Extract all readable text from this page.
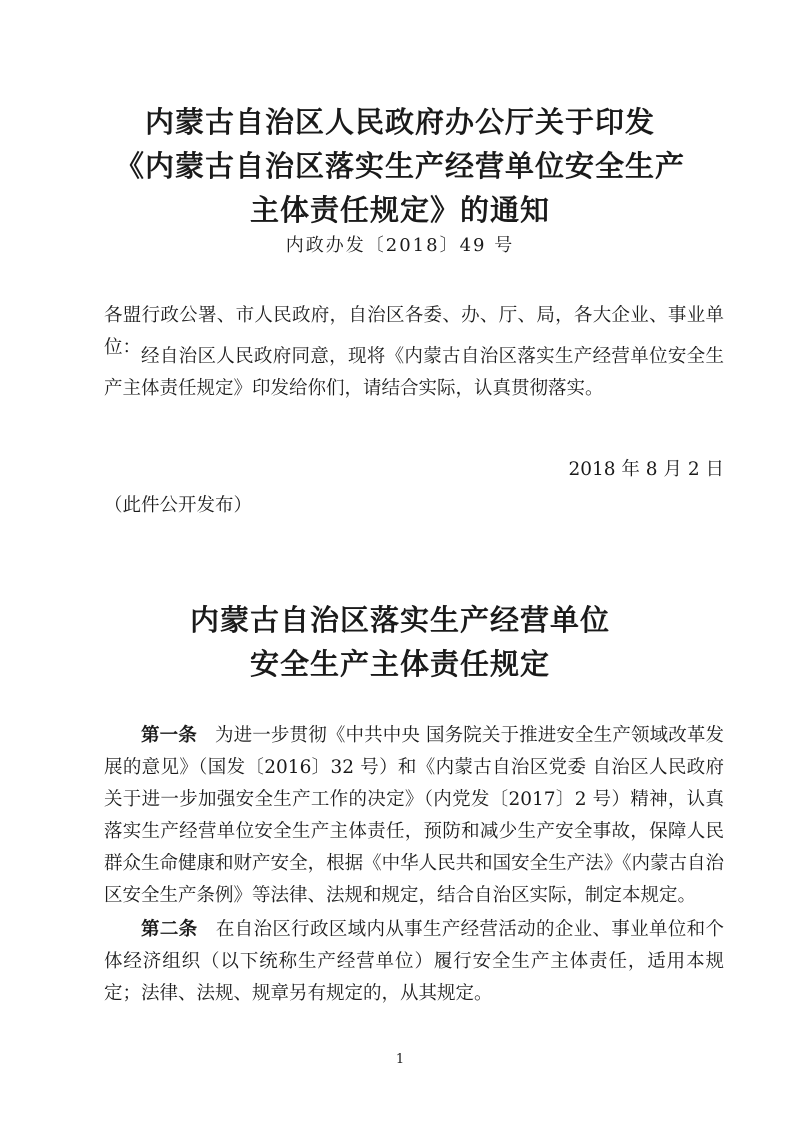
内蒙古自治区人民政府办公厅关于印发
《内蒙古自治区落实生产经营单位安全生产
主体责任规定》的通知
内政办发〔2018〕49 号
各盟行政公署、市人民政府，自治区各委、办、厅、局，各大企业、事业单位： 经自治区人民政府同意，现将《内蒙古自治区落实生产经营单位安全生产主体责任规定》印发给你们，请结合实际，认真贯彻落实。
2018 年 8 月 2 日
（此件公开发布）
内蒙古自治区落实生产经营单位
安全生产主体责任规定
第一条 为进一步贯彻《中共中央 国务院关于推进安全生产领域改革发展的意见》（国发〔2016〕32 号）和《内蒙古自治区党委 自治区人民政府关于进一步加强安全生产工作的决定》（内党发〔2017〕2 号）精神，认真落实生产经营单位安全生产主体责任，预防和减少生产安全事故，保障人民群众生命健康和财产安全，根据《中华人民共和国安全生产法》《内蒙古自治区安全生产条例》等法律、法规和规定，结合自治区实际，制定本规定。
第二条 在自治区行政区域内从事生产经营活动的企业、事业单位和个体经济组织（以下统称生产经营单位）履行安全生产主体责任，适用本规定；法律、法规、规章另有规定的，从其规定。
1
